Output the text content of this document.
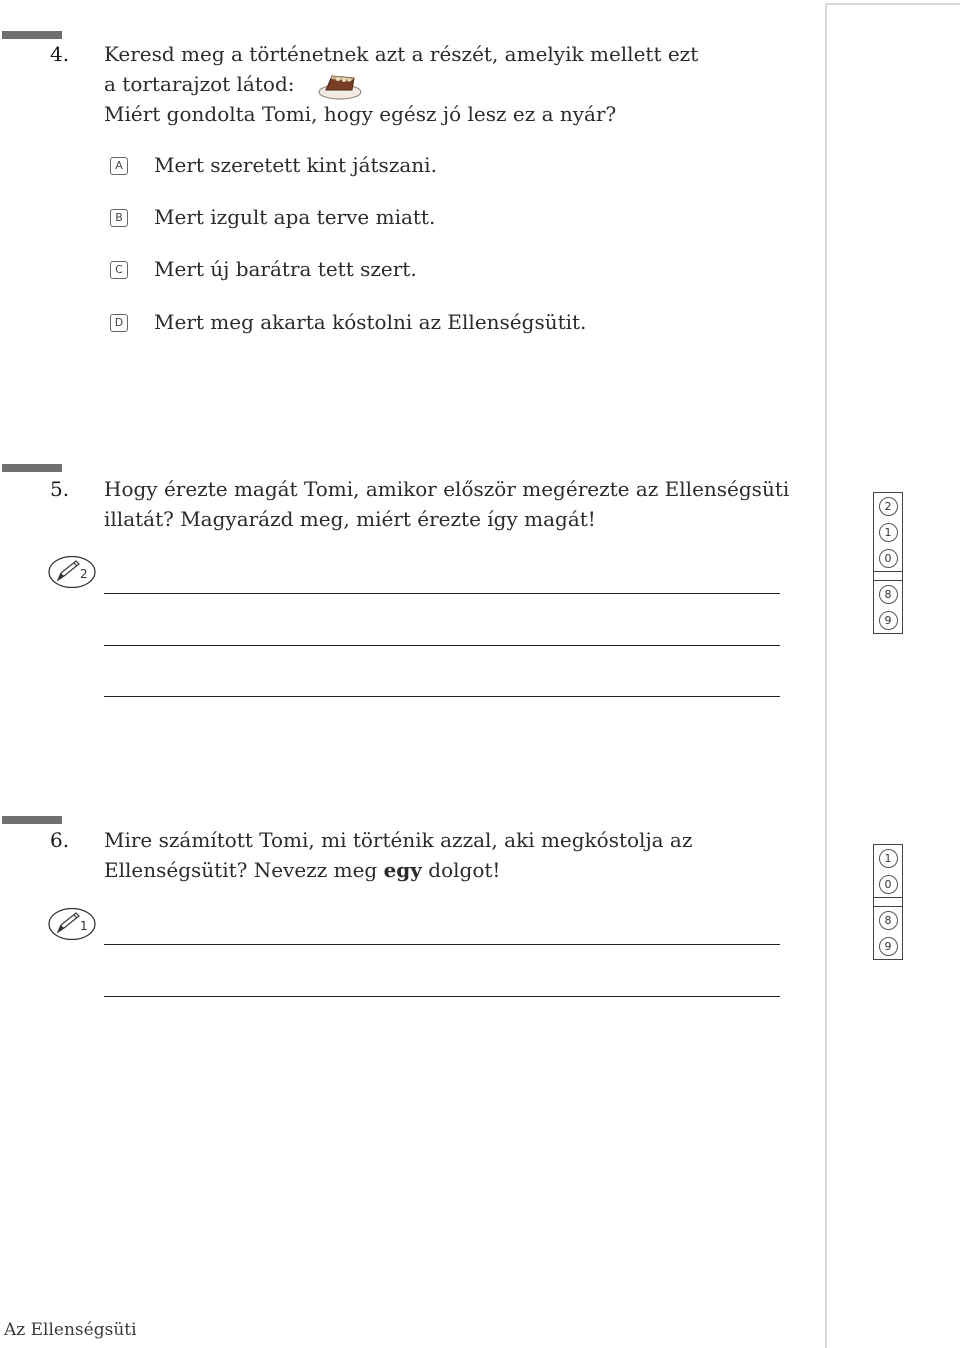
4. Keresd meg a történetnek azt a részét, amelyik mellett ezt
a tortarajzot látod:
Miért gondolta Tomi, hogy egész jó lesz ez a nyár?
A Mert szeretett kint játszani.
B Mert izgult apa terve miatt.
C Mert új barátra tett szert.
D Mert meg akarta kóstolni az Ellenségsütit.
5. Hogy érezte magát Tomi, amikor először megérezte az Ellenségsüti
illatát? Magyarázd meg, miért érezte így magát!
2
2
1
0
8
9
6. Mire számított Tomi, mi történik azzal, aki megkóstolja az
Ellenségsütit? Nevezz meg egy dolgot!
1
1
0
8
9
Az Ellenségsüti
